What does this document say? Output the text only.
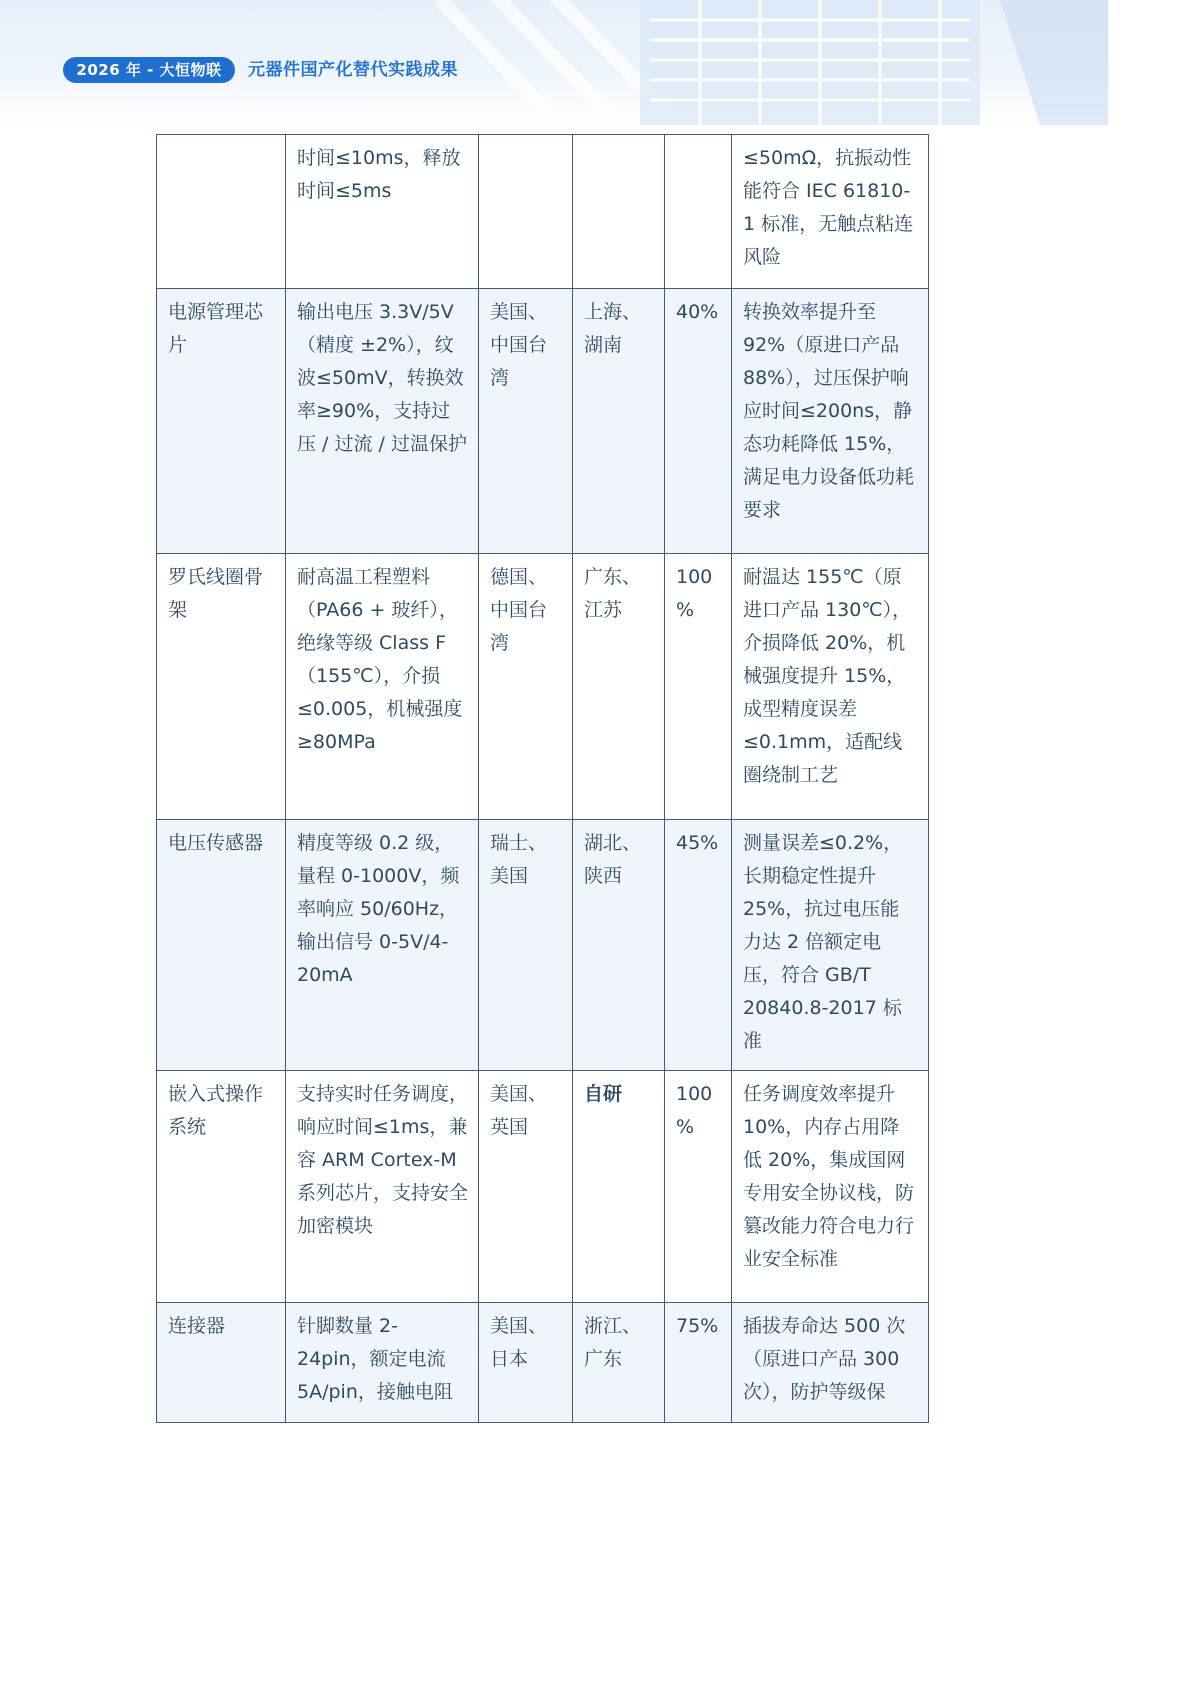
2026 年 - 大恒物联	元器件国产化替代实践成果
	时间≤10ms，释放时间≤5ms				≤50mΩ，抗振动性能符合 IEC 61810-1 标准，无触点粘连风险
电源管理芯片	输出电压 3.3V/5V（精度 ±2%），纹波≤50mV，转换效率≥90%，支持过压 / 过流 / 过温保护	美国、中国台湾	上海、湖南	40%	转换效率提升至 92%（原进口产品 88%），过压保护响应时间≤200ns，静态功耗降低 15%，满足电力设备低功耗要求
罗氏线圈骨架	耐高温工程塑料（PA66 + 玻纤），绝缘等级 Class F（155℃），介损≤0.005，机械强度≥80MPa	德国、中国台湾	广东、江苏	100%	耐温达 155℃（原进口产品 130℃），介损降低 20%，机械强度提升 15%，成型精度误差≤0.1mm，适配线圈绕制工艺
电压传感器	精度等级 0.2 级，量程 0-1000V，频率响应 50/60Hz，输出信号 0-5V/4-20mA	瑞士、美国	湖北、陕西	45%	测量误差≤0.2%，长期稳定性提升 25%，抗过电压能力达 2 倍额定电压，符合 GB/T 20840.8-2017 标准
嵌入式操作系统	支持实时任务调度，响应时间≤1ms，兼容 ARM Cortex-M 系列芯片，支持安全加密模块	美国、英国	自研	100%	任务调度效率提升 10%，内存占用降低 20%，集成国网专用安全协议栈，防篡改能力符合电力行业安全标准
连接器	针脚数量 2-24pin，额定电流 5A/pin，接触电阻	美国、日本	浙江、广东	75%	插拔寿命达 500 次（原进口产品 300 次），防护等级保
